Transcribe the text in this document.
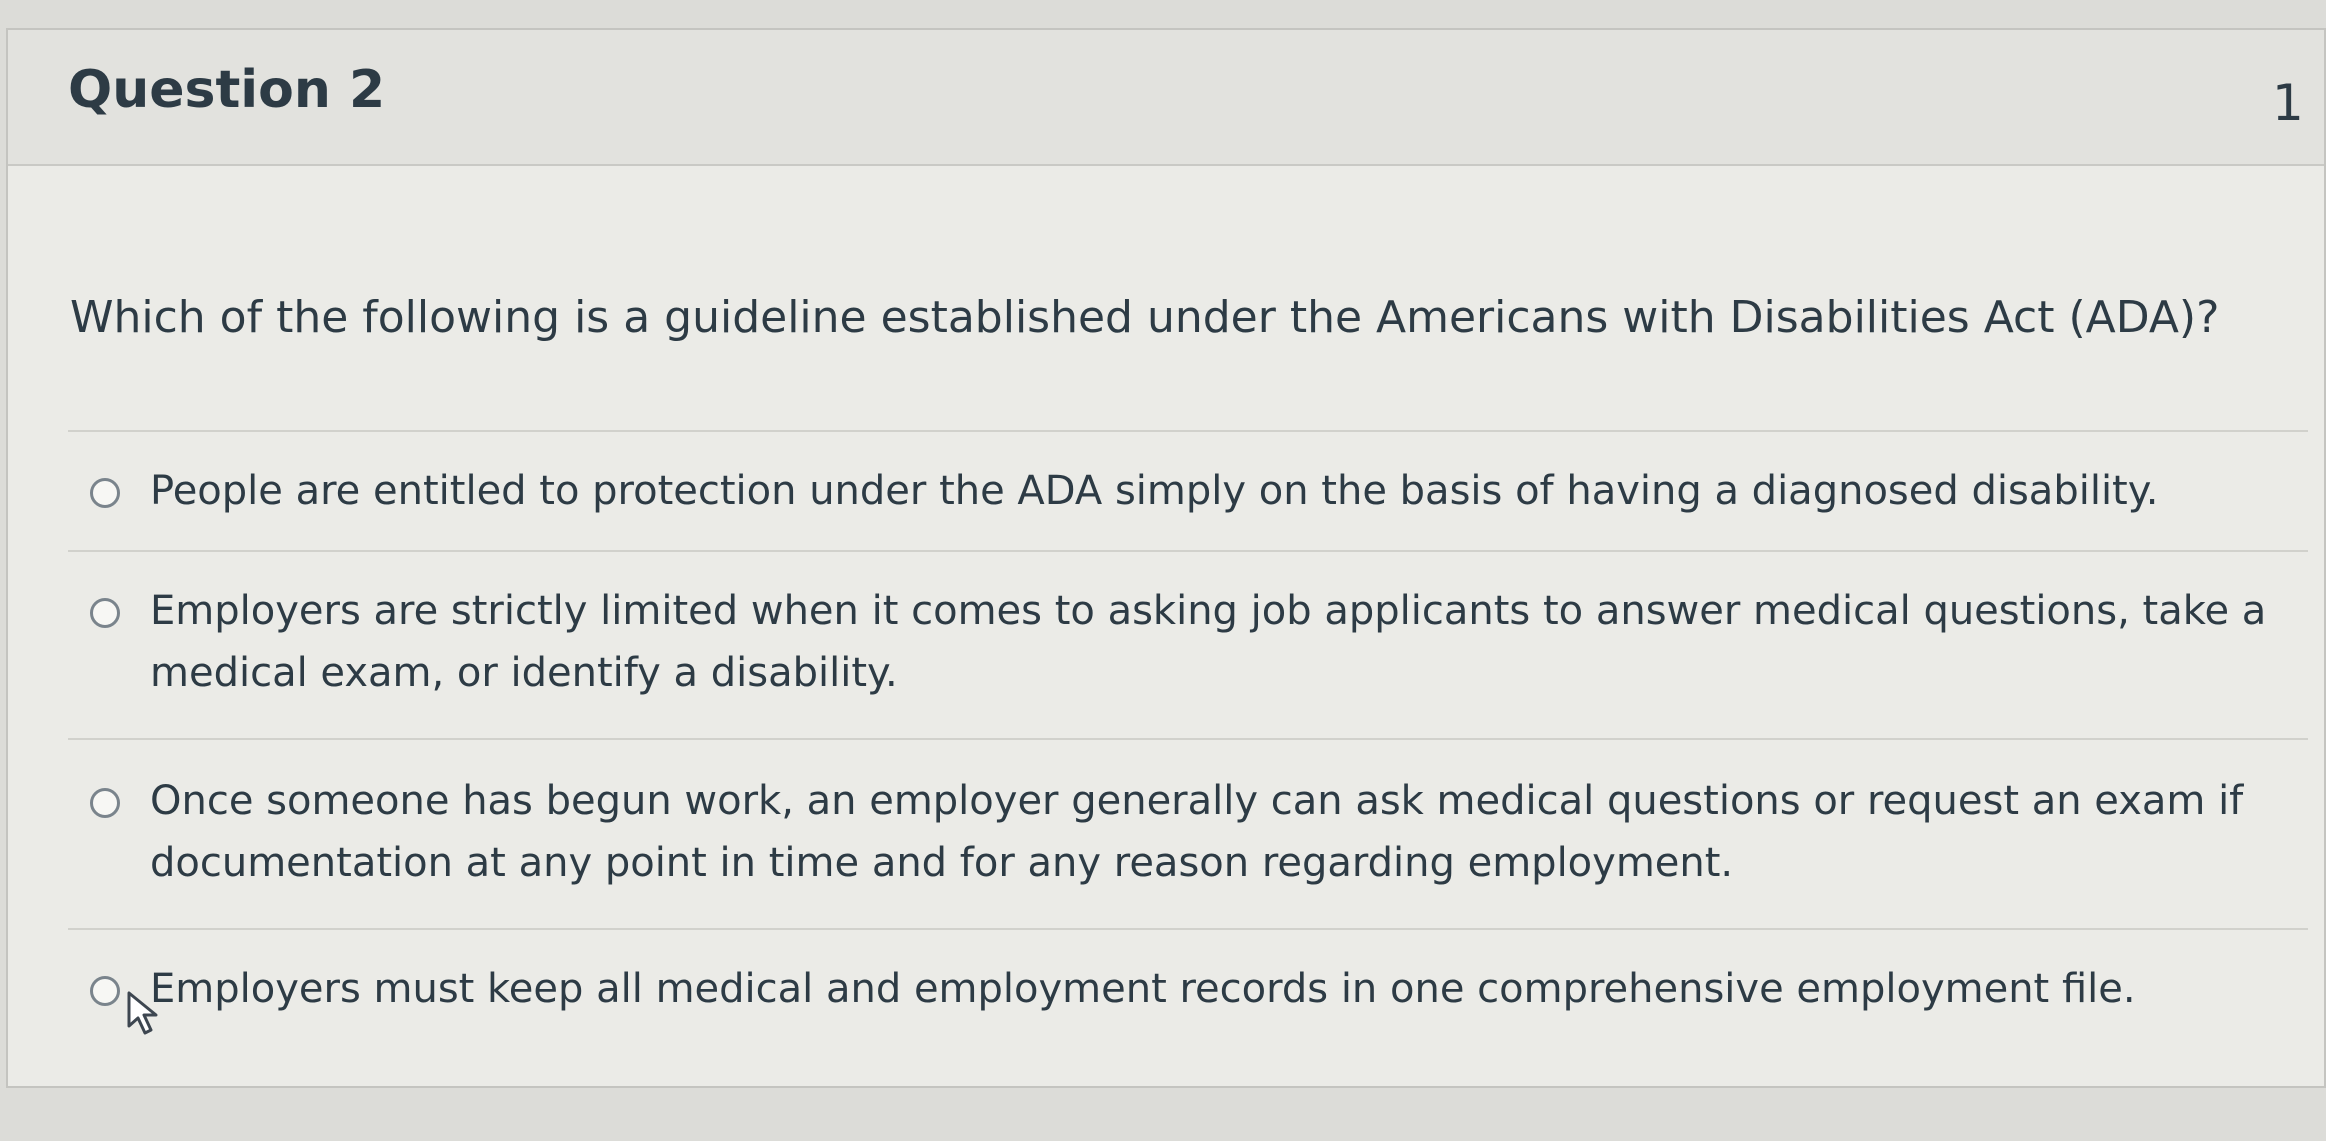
Question 2	1
Which of the following is a guideline established under the Americans with Disabilities Act (ADA)?
People are entitled to protection under the ADA simply on the basis of having a diagnosed disability.
Employers are strictly limited when it comes to asking job applicants to answer medical questions, take a medical exam, or identify a disability.
Once someone has begun work, an employer generally can ask medical questions or request an exam if documentation at any point in time and for any reason regarding employment.
Employers must keep all medical and employment records in one comprehensive employment file.
